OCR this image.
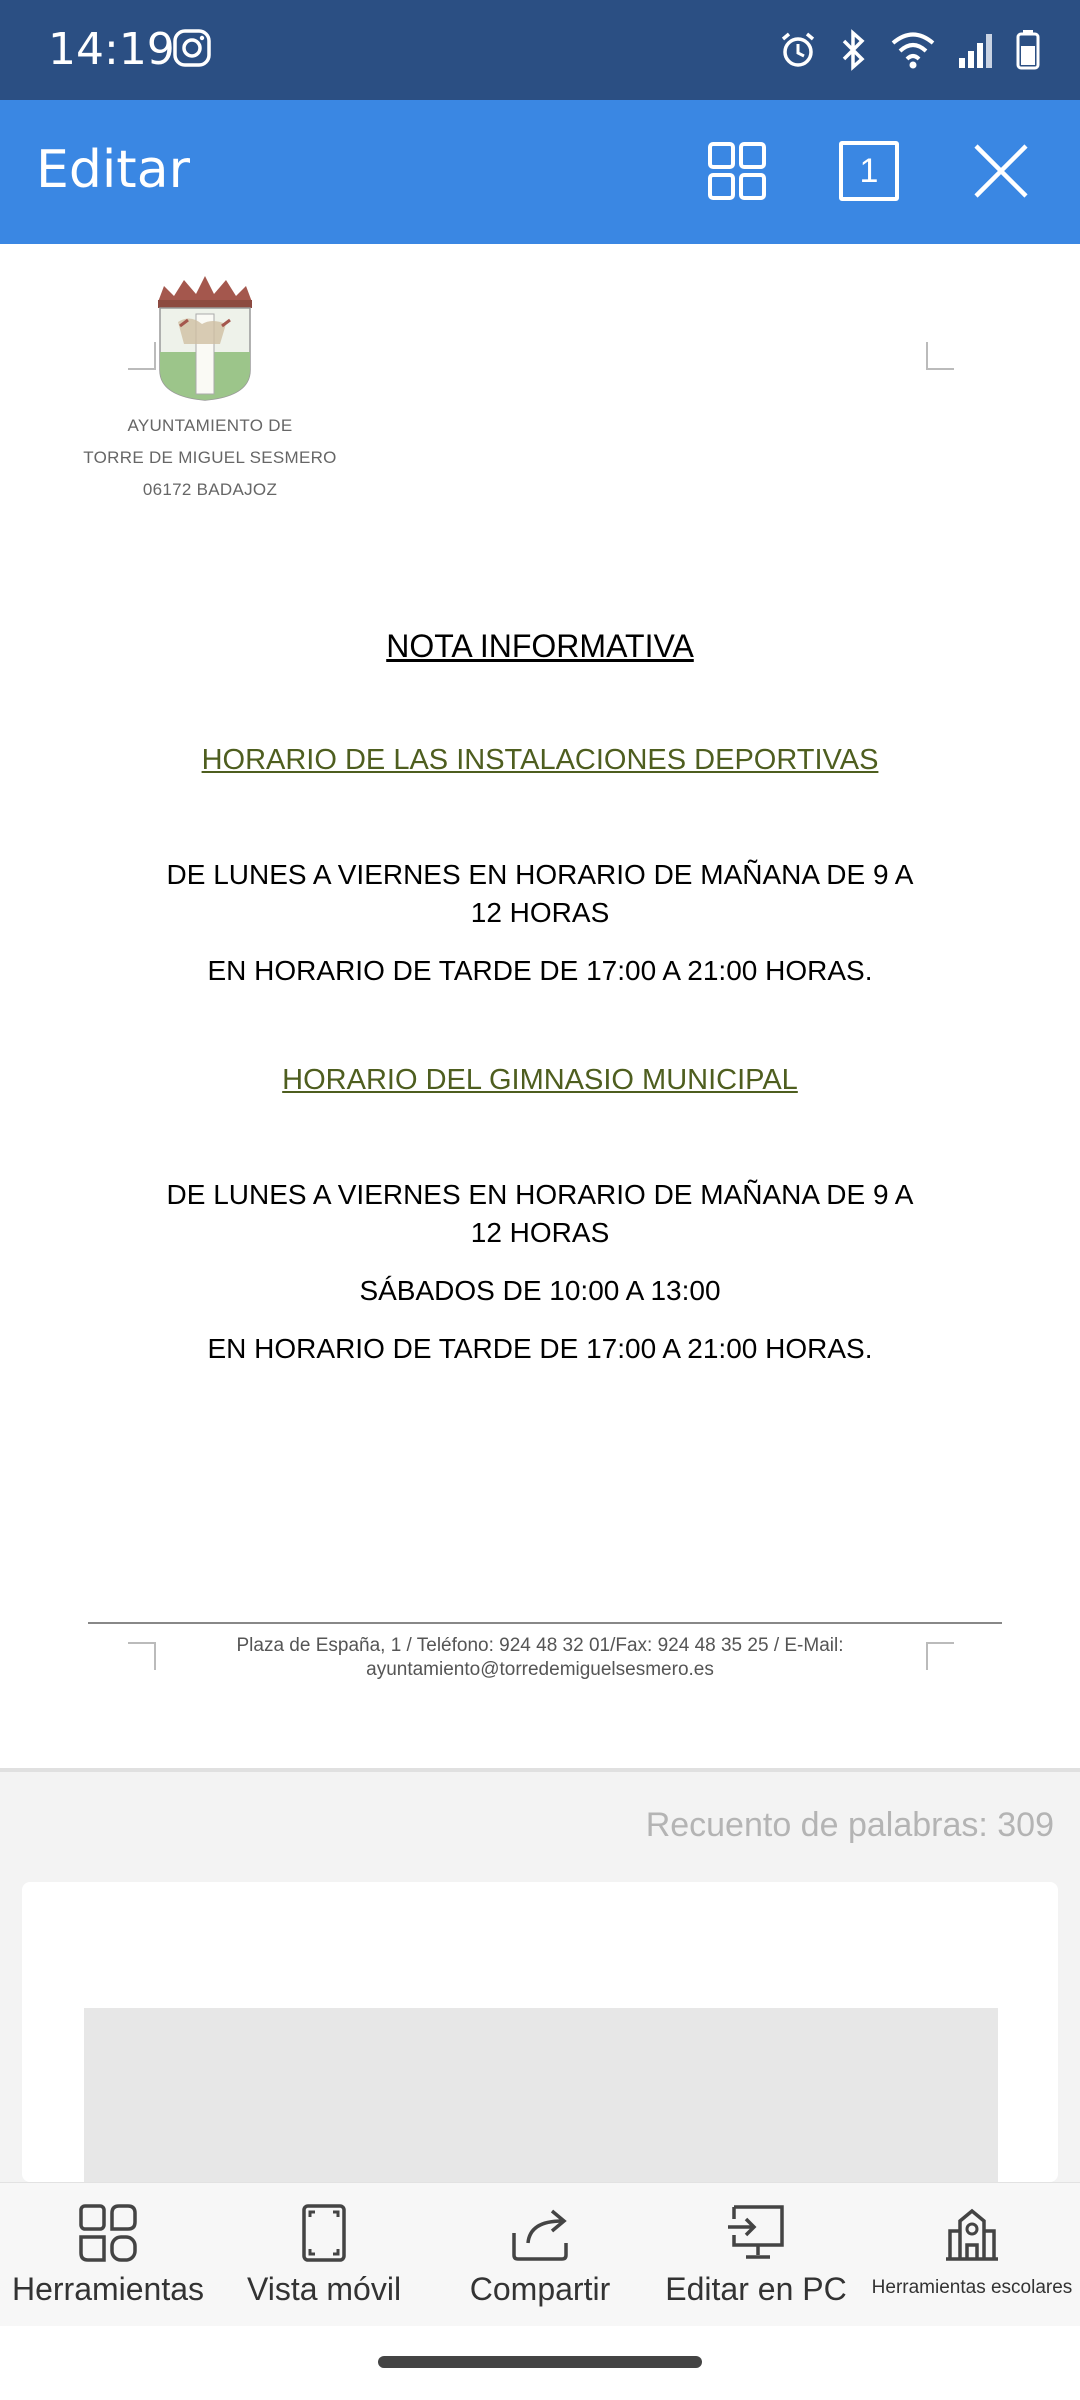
14:19
Editar	1
AYUNTAMIENTO DE
TORRE DE MIGUEL SESMERO
06172 BADAJOZ
NOTA INFORMATIVA
HORARIO DE LAS INSTALACIONES DEPORTIVAS
DE LUNES A VIERNES EN HORARIO DE MAÑANA DE 9 A
12 HORAS
EN HORARIO DE TARDE DE 17:00 A 21:00 HORAS.
HORARIO DEL GIMNASIO MUNICIPAL
DE LUNES A VIERNES EN HORARIO DE MAÑANA DE 9 A
12 HORAS
SÁBADOS DE 10:00 A 13:00
EN HORARIO DE TARDE DE 17:00 A 21:00 HORAS.
Plaza de España, 1 / Teléfono: 924 48 32 01/Fax: 924 48 35 25 / E-Mail:
ayuntamiento@torredemiguelsesmero.es
Recuento de palabras: 309
Herramientas Vista móvil Compartir Editar en PC Herramientas escolares
